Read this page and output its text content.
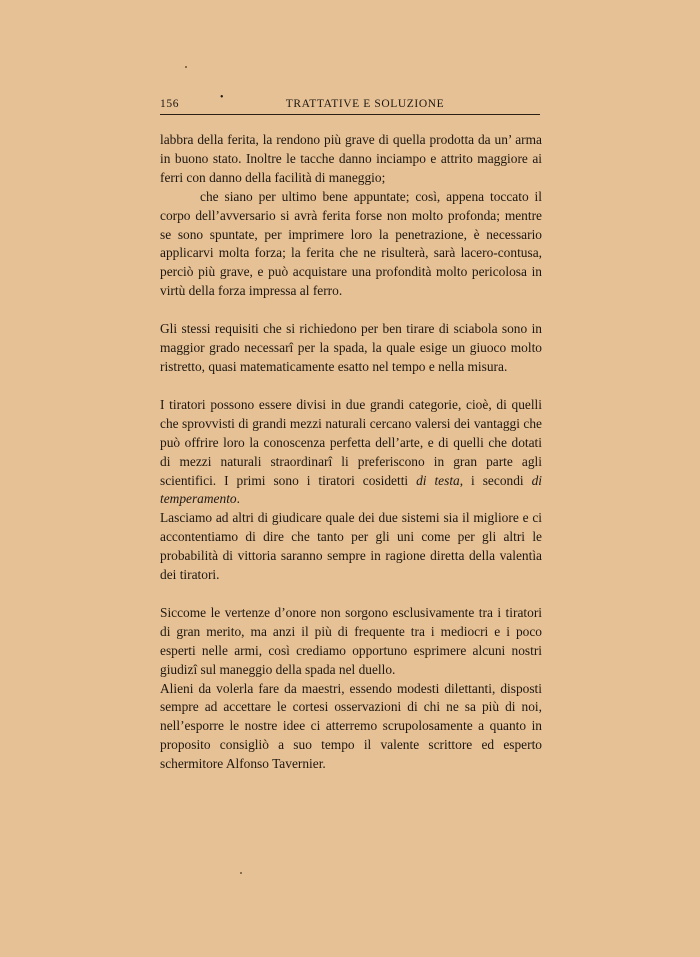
156
•
TRATTATIVE E SOLUZIONE

labbra della ferita, la rendono più grave di quella prodotta da un’ arma in buono stato. Inoltre le tacche danno inciampo e attrito maggiore ai ferri con danno della facilità di maneggio;

che siano per ultimo bene appuntate; così, appena toccato il corpo dell’avversario si avrà ferita forse non molto profonda; mentre se sono spuntate, per imprimere loro la penetrazione, è necessario applicarvi molta forza; la ferita che ne risulterà, sarà lacero-contusa, perciò più grave, e può acquistare una profondità molto pericolosa in virtù della forza impressa al ferro.

Gli stessi requisiti che si richiedono per ben tirare di sciabola sono in maggior grado necessarî per la spada, la quale esige un giuoco molto ristretto, quasi matematicamente esatto nel tempo e nella misura.

I tiratori possono essere divisi in due grandi categorie, cioè, di quelli che sprovvisti di grandi mezzi naturali cercano valersi dei vantaggi che può offrire loro la conoscenza perfetta dell’arte, e di quelli che dotati di mezzi naturali straordinarî li preferiscono in gran parte agli scientifici. I primi sono i tiratori cosidetti di testa, i secondi di temperamento.

Lasciamo ad altri di giudicare quale dei due sistemi sia il migliore e ci accontentiamo di dire che tanto per gli uni come per gli altri le probabilità di vittoria saranno sempre in ragione diretta della valentìa dei tiratori.

Siccome le vertenze d’onore non sorgono esclusivamente tra i tiratori di gran merito, ma anzi il più di frequente tra i mediocri e i poco esperti nelle armi, così crediamo opportuno esprimere alcuni nostri giudizî sul maneggio della spada nel duello.

Alieni da volerla fare da maestri, essendo modesti dilettanti, disposti sempre ad accettare le cortesi osservazioni di chi ne sa più di noi, nell’esporre le nostre idee ci atterremo scrupolosamente a quanto in proposito consigliò a suo tempo il valente scrittore ed esperto schermitore Alfonso Tavernier.
